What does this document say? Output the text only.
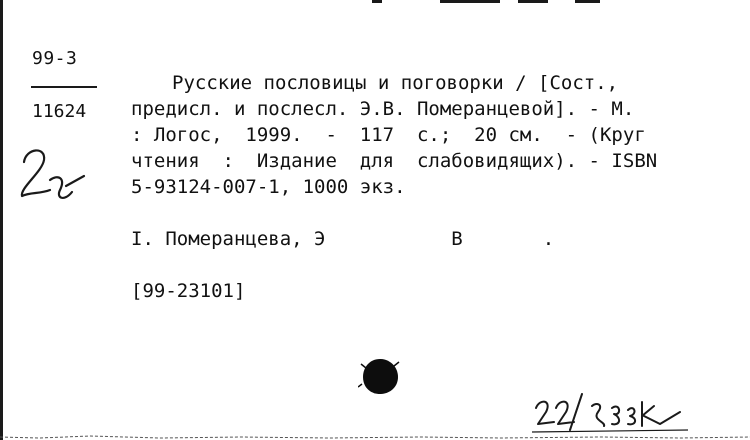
99-3
11624
Русские пословицы и поговорки / [Сост.,
предисл. и послесл. Э.В. Померанцевой]. - М.
: Логос,  1999.  -  117  с.;  20 см.  - (Круг
чтения  :  Издание  для  слабовидящих). - ISBN
5-93124-007-1, 1000 экз.
I. Померанцева, Э           В       .
[99-23101]
